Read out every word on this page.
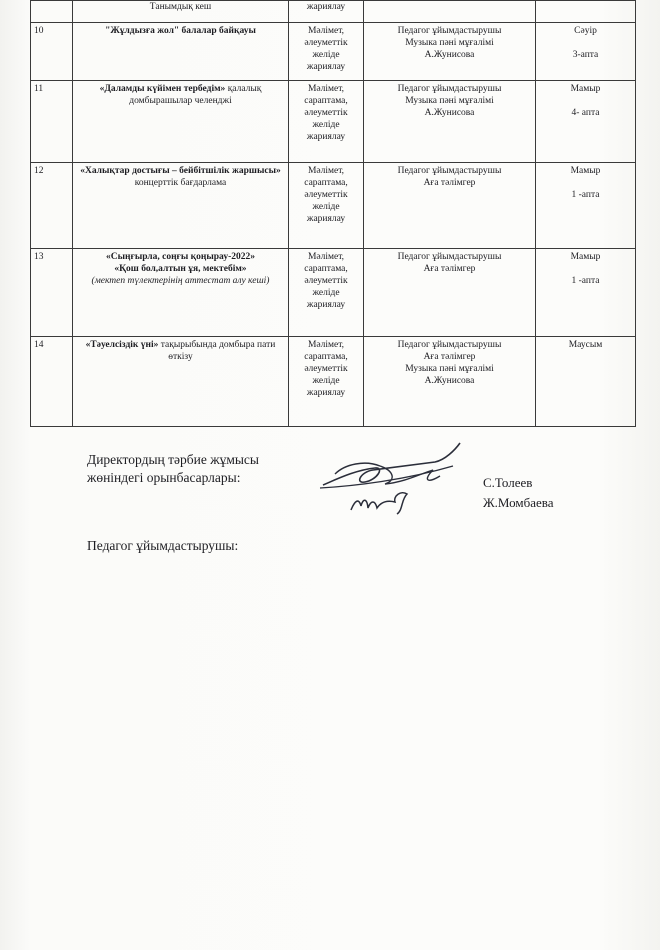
	Танымдық кеш	жариялау		
10	"Жұлдызға жол" балалар байқауы	Мәлімет,
әлеуметтік
желіде
жариялау	Педагог ұйымдастырушы
Музыка пәні мұғалімі
А.Жунисова	Сәуір
3-апта

11	«Даламды күйімен тербедім» қалалық домбырашылар челенджі	Мәлімет,
сараптама,
әлеуметтік
желіде
жариялау	Педагог ұйымдастырушы
Музыка пәні мұғалімі
А.Жунисова	Мамыр
4- апта

12	«Халықтар достығы – бейбітшілік жаршысы» концерттік бағдарлама	Мәлімет,
сараптама,
әлеуметтік
желіде
жариялау	Педагог ұйымдастырушы
Аға тәлімгер	Мамыр
1 -апта

13	«Сыңғырла, соңғы қоңырау-2022»
«Қош бол,алтын ұя, мектебім»
(мектеп түлектерінің аттестат алу кеші)	Мәлімет,
сараптама,
әлеуметтік
желіде
жариялау	Педагог ұйымдастырушы
Аға тәлімгер	Мамыр
1 -апта

14	«Тәуелсіздік үні» тақырыбында домбыра пати өткізу	Мәлімет,
сараптама,
әлеуметтік
желіде
жариялау	Педагог ұйымдастырушы
Аға тәлімгер
Музыка пәні мұғалімі
А.Жунисова	Маусым
Директордың тәрбие жұмысы
жөніндегі орынбасарлары:	С.Толеев
Ж.Момбаева
Педагог ұйымдастырушы:
